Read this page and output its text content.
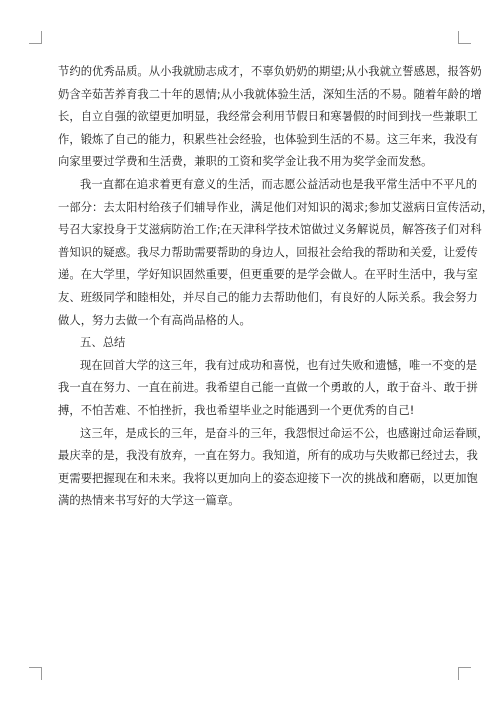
节约的优秀品质。从小我就励志成才，不辜负奶奶的期望;从小我就立誓感恩，报答奶
奶含辛茹苦养育我二十年的恩情;从小我就体验生活，深知生活的不易。随着年龄的增
长，自立自强的欲望更加明显，我经常会利用节假日和寒暑假的时间到找一些兼职工
作，锻炼了自己的能力，积累些社会经验，也体验到生活的不易。这三年来，我没有
向家里要过学费和生活费，兼职的工资和奖学金让我不用为奖学金而发愁。
我一直都在追求着更有意义的生活，而志愿公益活动也是我平常生活中不平凡的
一部分：去太阳村给孩子们辅导作业，满足他们对知识的渴求;参加艾滋病日宣传活动，
号召大家投身于艾滋病防治工作;在天津科学技术馆做过义务解说员，解答孩子们对科
普知识的疑惑。我尽力帮助需要帮助的身边人，回报社会给我的帮助和关爱，让爱传
递。在大学里，学好知识固然重要，但更重要的是学会做人。在平时生活中，我与室
友、班级同学和睦相处，并尽自己的能力去帮助他们，有良好的人际关系。我会努力
做人，努力去做一个有高尚品格的人。
五、总结
现在回首大学的这三年，我有过成功和喜悦，也有过失败和遗憾，唯一不变的是
我一直在努力、一直在前进。我希望自己能一直做一个勇敢的人，敢于奋斗、敢于拼
搏，不怕苦难、不怕挫折，我也希望毕业之时能遇到一个更优秀的自己!
这三年，是成长的三年，是奋斗的三年，我怨恨过命运不公，也感谢过命运眷顾，
最庆幸的是，我没有放弃，一直在努力。我知道，所有的成功与失败都已经过去，我
更需要把握现在和未来。我将以更加向上的姿态迎接下一次的挑战和磨砺，以更加饱
满的热情来书写好的大学这一篇章。
